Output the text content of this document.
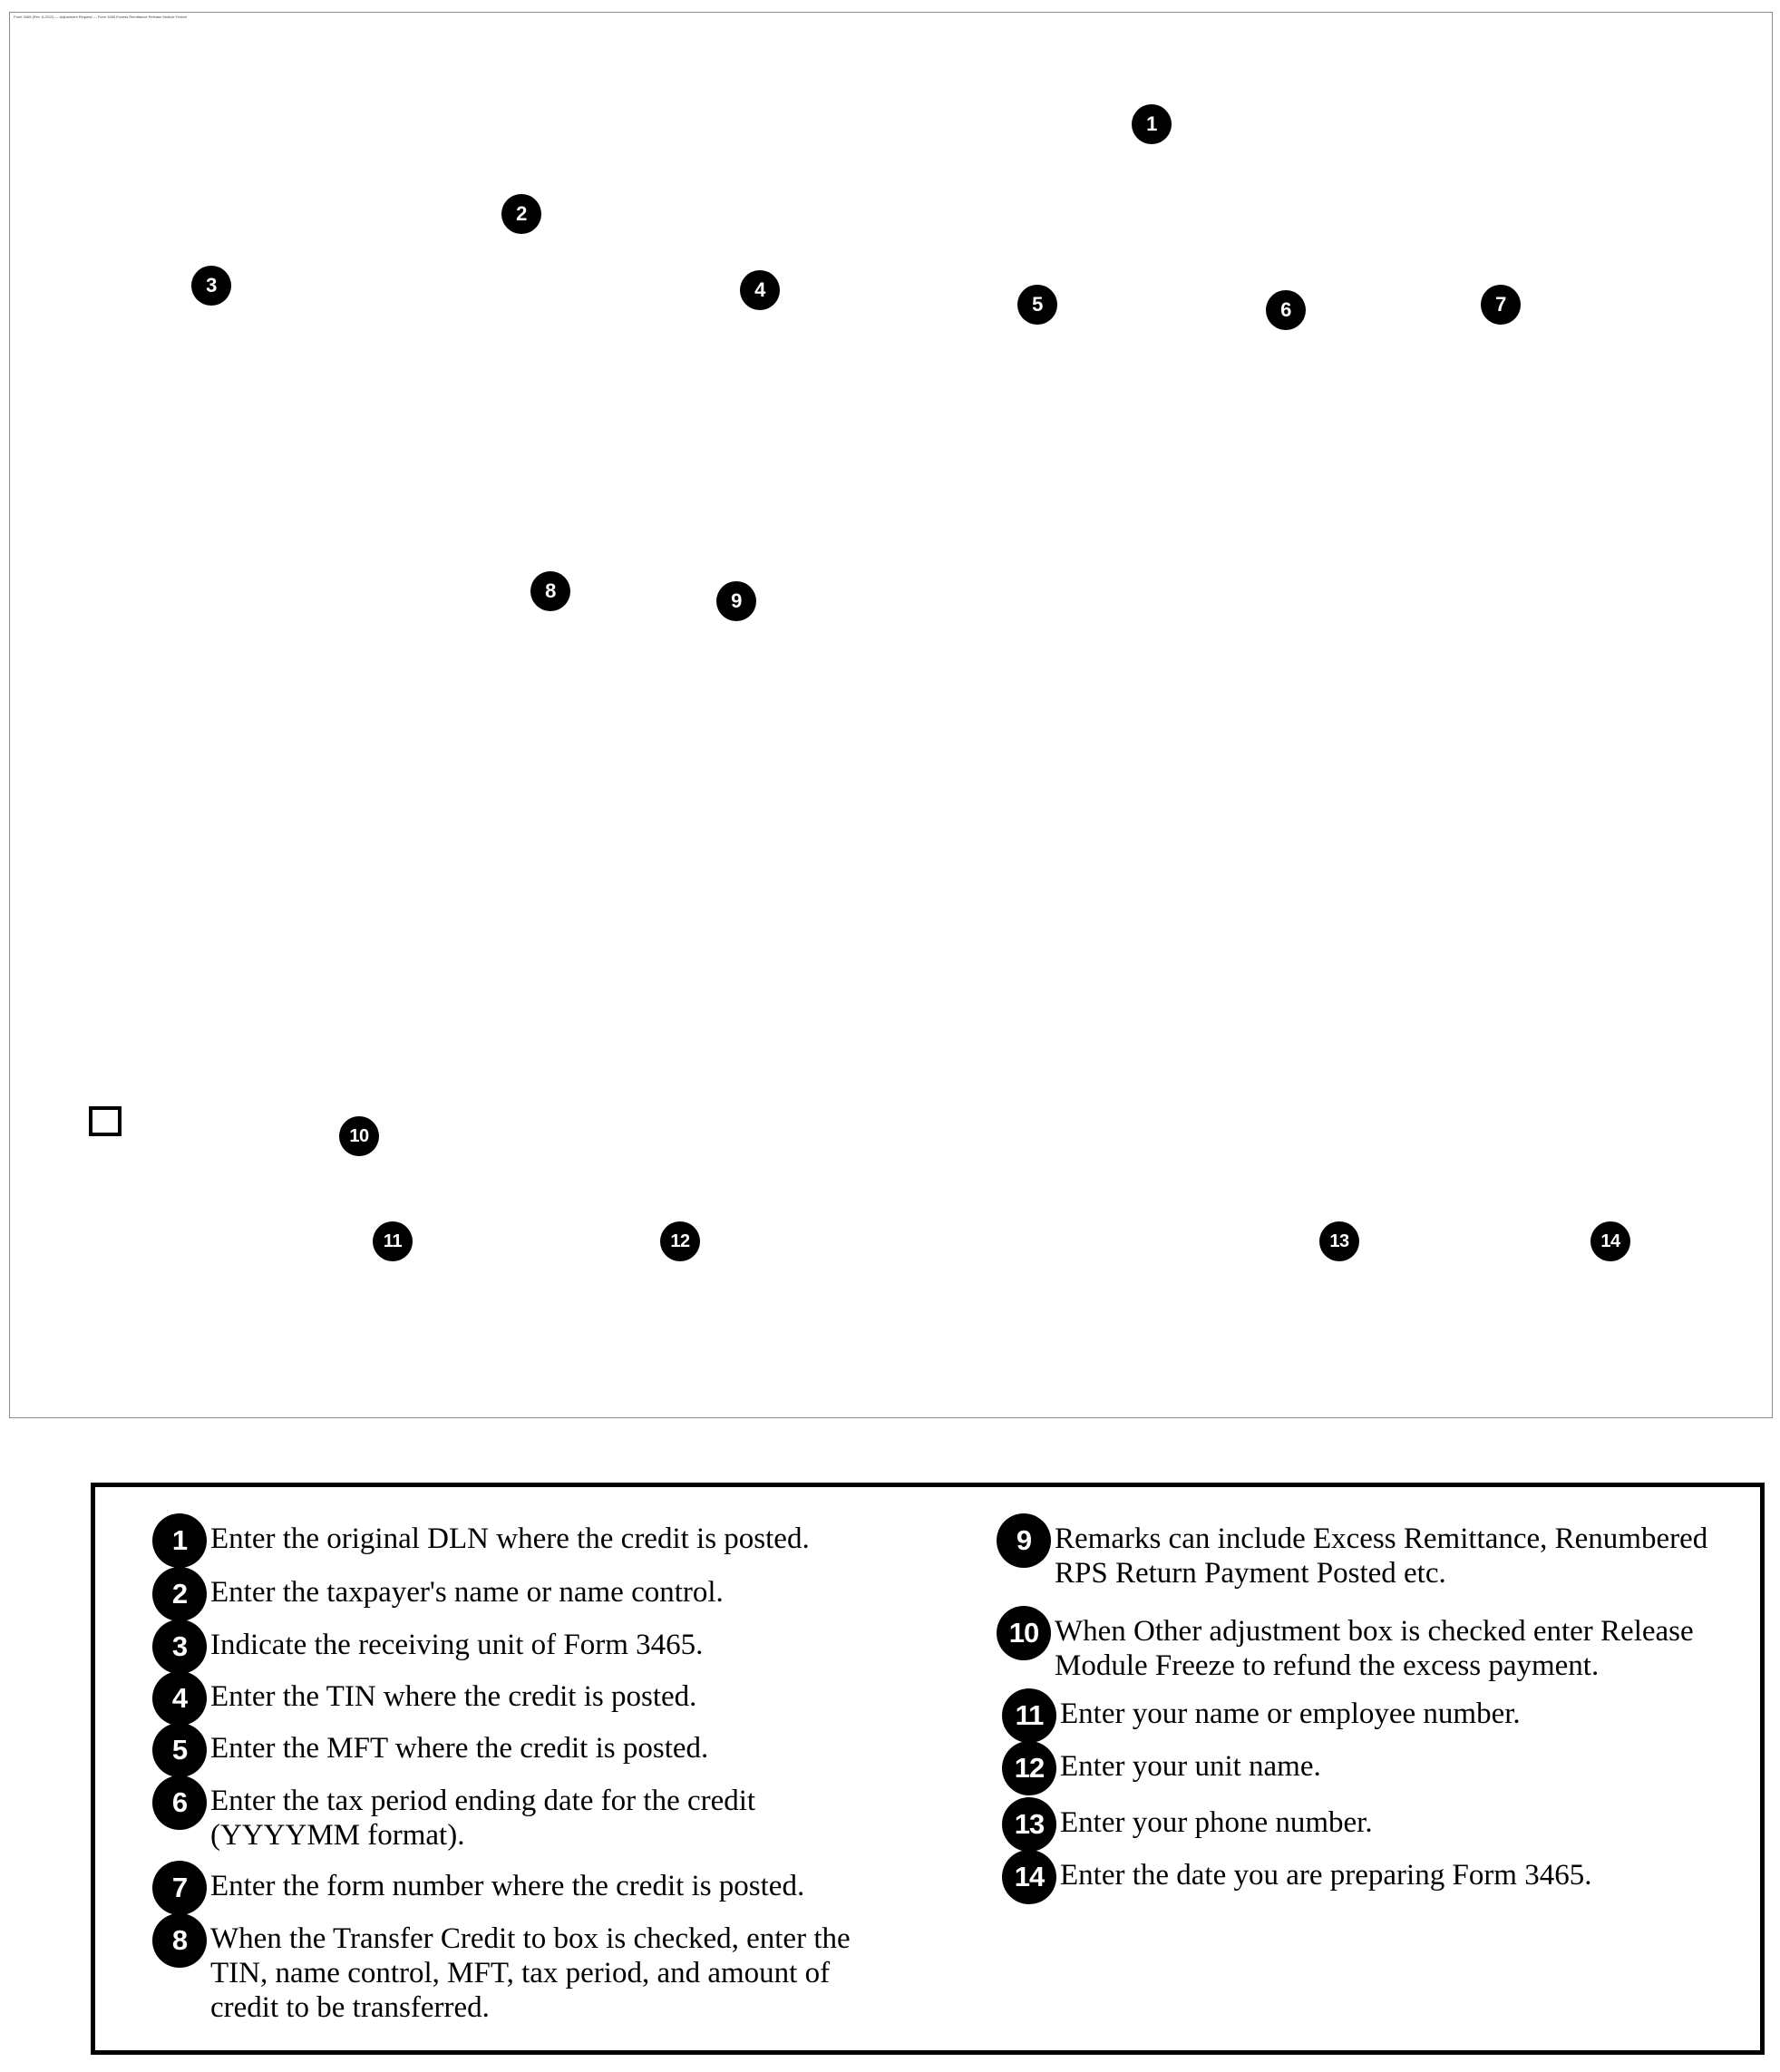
Form 3465 (Rev. 6-2013) — Adjustment Request — Form 3465 Excess Remittance Release Module Freeze
1
2
3	4
5	6	7
8	9
10
11	12	13	14
1 Enter the original DLN where the credit is posted.
2 Enter the taxpayer's name or name control.
3 Indicate the receiving unit of Form 3465.
4 Enter the TIN where the credit is posted.
5 Enter the MFT where the credit is posted.
6 Enter the tax period ending date for the credit
(YYYYMM format).
7 Enter the form number where the credit is posted.
8 When the Transfer Credit to box is checked, enter the
TIN, name control, MFT, tax period, and amount of
credit to be transferred.
9 Remarks can include Excess Remittance, Renumbered
RPS Return Payment Posted etc.
10 When Other adjustment box is checked enter Release
Module Freeze to refund the excess payment.
11 Enter your name or employee number.
12 Enter your unit name.
13 Enter your phone number.
14 Enter the date you are preparing Form 3465.
